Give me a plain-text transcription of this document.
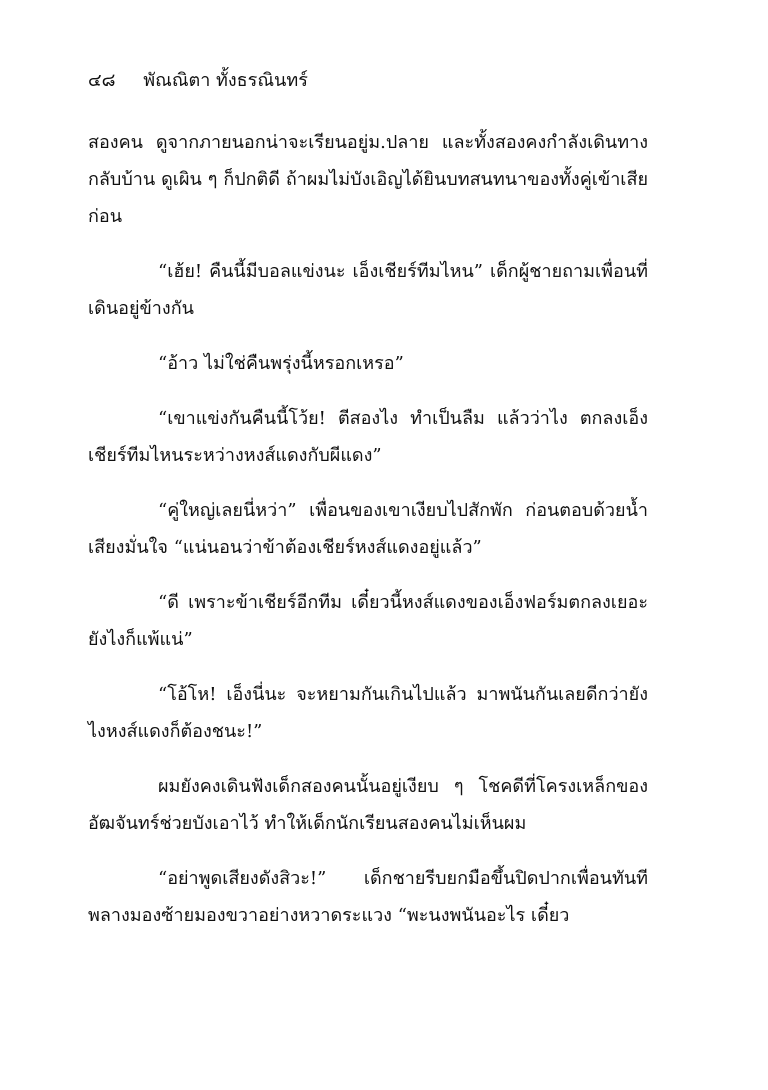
๔๘ พัณณิตา ทั้งธรณินทร์

สองคน ดูจากภายนอกน่าจะเรียนอยู่ม.ปลาย และทั้งสองคงกำลังเดินทางกลับบ้าน ดูเผิน ๆ ก็ปกติดี ถ้าผมไม่บังเอิญได้ยินบทสนทนาของทั้งคู่เข้าเสียก่อน

“เฮ้ย! คืนนี้มีบอลแข่งนะ เอ็งเชียร์ทีมไหน” เด็กผู้ชายถามเพื่อนที่เดินอยู่ข้างกัน

“อ้าว ไม่ใช่คืนพรุ่งนี้หรอกเหรอ”

“เขาแข่งกันคืนนี้โว้ย! ตีสองไง ทำเป็นลืม แล้วว่าไง ตกลงเอ็งเชียร์ทีมไหนระหว่างหงส์แดงกับผีแดง”

“คู่ใหญ่เลยนี่หว่า” เพื่อนของเขาเงียบไปสักพัก ก่อนตอบด้วยน้ำเสียงมั่นใจ “แน่นอนว่าข้าต้องเชียร์หงส์แดงอยู่แล้ว”

“ดี เพราะข้าเชียร์อีกทีม เดี๋ยวนี้หงส์แดงของเอ็งฟอร์มตกลงเยอะ ยังไงก็แพ้แน่”

“โอ้โห! เอ็งนี่นะ จะหยามกันเกินไปแล้ว มาพนันกันเลยดีกว่ายังไงหงส์แดงก็ต้องชนะ!”

ผมยังคงเดินฟังเด็กสองคนนั้นอยู่เงียบ ๆ โชคดีที่โครงเหล็กของอัฒจันทร์ช่วยบังเอาไว้ ทำให้เด็กนักเรียนสองคนไม่เห็นผม

“อย่าพูดเสียงดังสิวะ!” เด็กชายรีบยกมือขึ้นปิดปากเพื่อนทันที พลางมองซ้ายมองขวาอย่างหวาดระแวง “พะนงพนันอะไร เดี๋ยว
